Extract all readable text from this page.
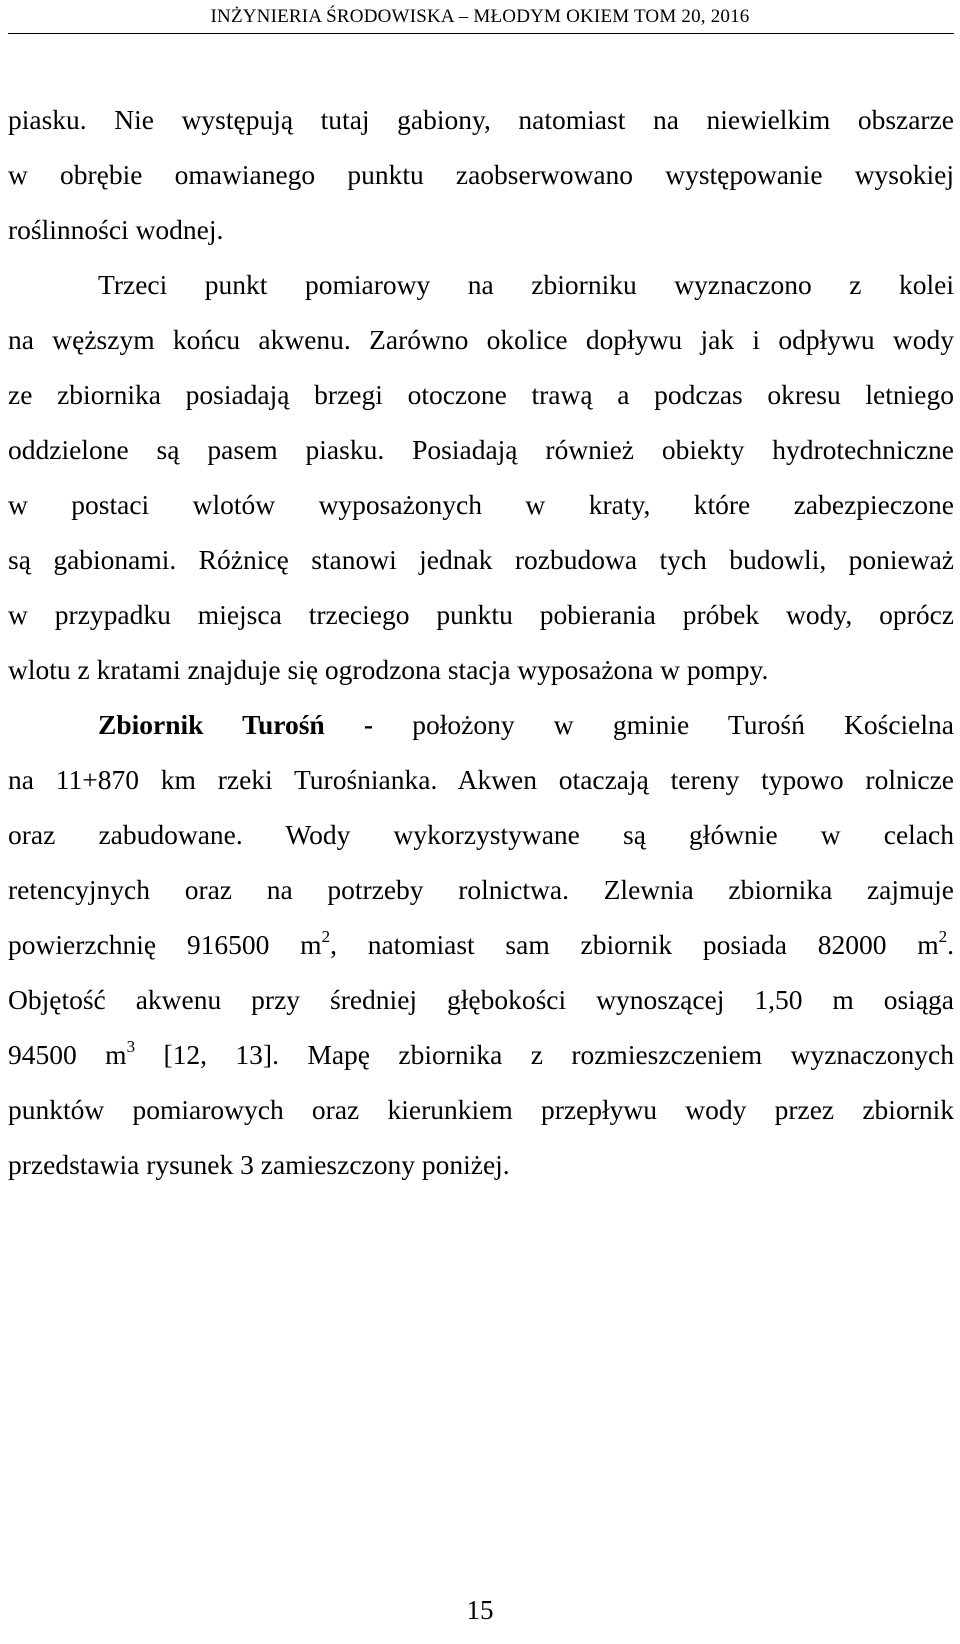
INŻYNIERIA ŚRODOWISKA – MŁODYM OKIEM TOM 20, 2016
piasku. Nie występują tutaj gabiony, natomiast na niewielkim obszarze
w obrębie omawianego punktu zaobserwowano występowanie wysokiej
roślinności wodnej.
Trzeci punkt pomiarowy na zbiorniku wyznaczono z kolei
na węższym końcu akwenu. Zarówno okolice dopływu jak i odpływu wody
ze zbiornika posiadają brzegi otoczone trawą a podczas okresu letniego
oddzielone są pasem piasku. Posiadają również obiekty hydrotechniczne
w postaci wlotów wyposażonych w kraty, które zabezpieczone
są gabionami. Różnicę stanowi jednak rozbudowa tych budowli, ponieważ
w przypadku miejsca trzeciego punktu pobierania próbek wody, oprócz
wlotu z kratami znajduje się ogrodzona stacja wyposażona w pompy.
Zbiornik Turośń - położony w gminie Turośń Kościelna
na 11+870 km rzeki Turośnianka. Akwen otaczają tereny typowo rolnicze
oraz zabudowane. Wody wykorzystywane są głównie w celach
retencyjnych oraz na potrzeby rolnictwa. Zlewnia zbiornika zajmuje
powierzchnię 916500 $m^2$, natomiast sam zbiornik posiada 82000 $m^2$.
Objętość akwenu przy średniej głębokości wynoszącej 1,50 m osiąga
94500 $m^3$ [12, 13]. Mapę zbiornika z rozmieszczeniem wyznaczonych
punktów pomiarowych oraz kierunkiem przepływu wody przez zbiornik
przedstawia rysunek 3 zamieszczony poniżej.
15
